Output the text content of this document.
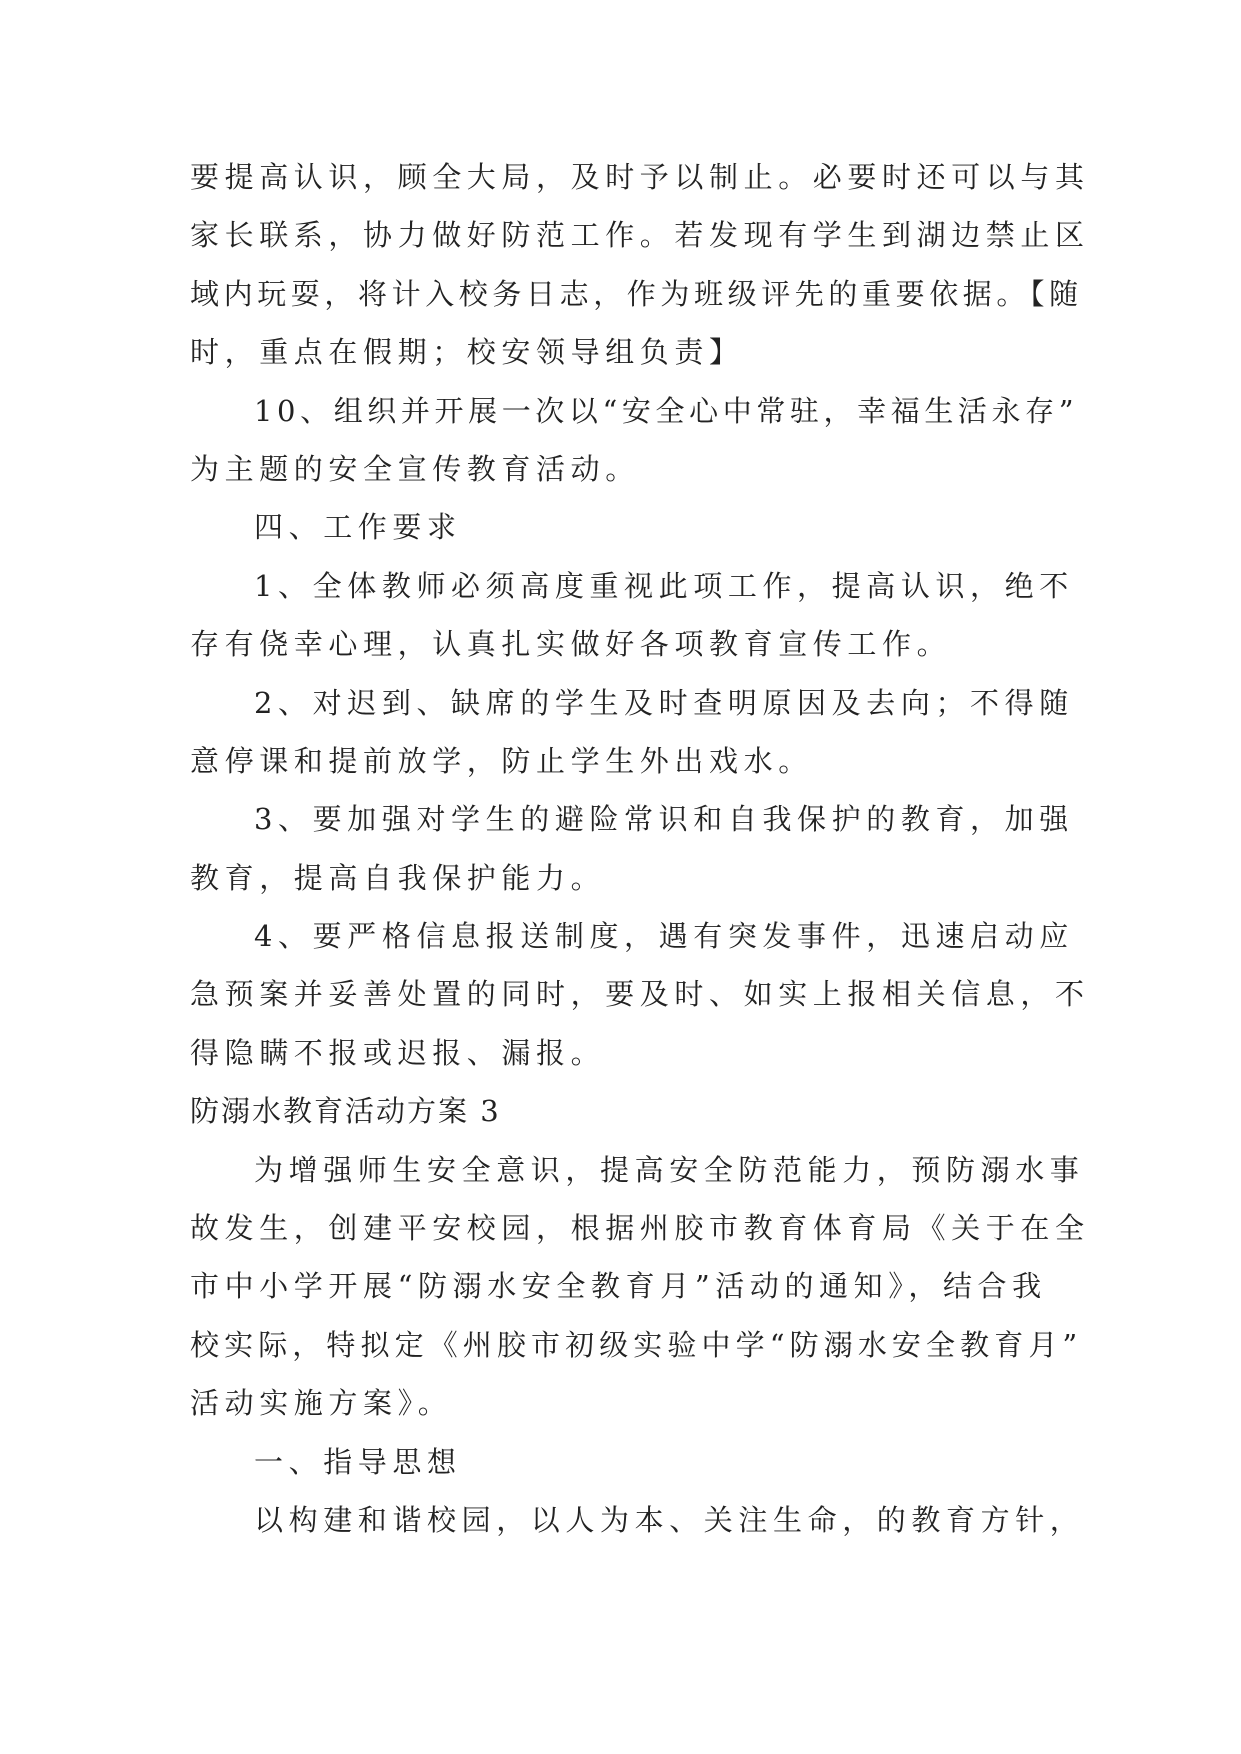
要提高认识，顾全大局，及时予以制止。必要时还可以与其
家长联系，协力做好防范工作。若发现有学生到湖边禁止区
域内玩耍，将计入校务日志，作为班级评先的重要依据。【随
时，重点在假期；校安领导组负责】
10、组织并开展一次以“安全心中常驻，幸福生活永存”
为主题的安全宣传教育活动。
四、工作要求
1、全体教师必须高度重视此项工作，提高认识，绝不
存有侥幸心理，认真扎实做好各项教育宣传工作。
2、对迟到、缺席的学生及时查明原因及去向；不得随
意停课和提前放学，防止学生外出戏水。
3、要加强对学生的避险常识和自我保护的教育，加强
教育，提高自我保护能力。
4、要严格信息报送制度，遇有突发事件，迅速启动应
急预案并妥善处置的同时，要及时、如实上报相关信息，不
得隐瞒不报或迟报、漏报。
防溺水教育活动方案 3
为增强师生安全意识，提高安全防范能力，预防溺水事
故发生，创建平安校园，根据州胶市教育体育局《关于在全
市中小学开展“防溺水安全教育月”活动的通知》，结合我
校实际，特拟定《州胶市初级实验中学“防溺水安全教育月”
活动实施方案》。
一、指导思想
以构建和谐校园，以人为本、关注生命，的教育方针，
